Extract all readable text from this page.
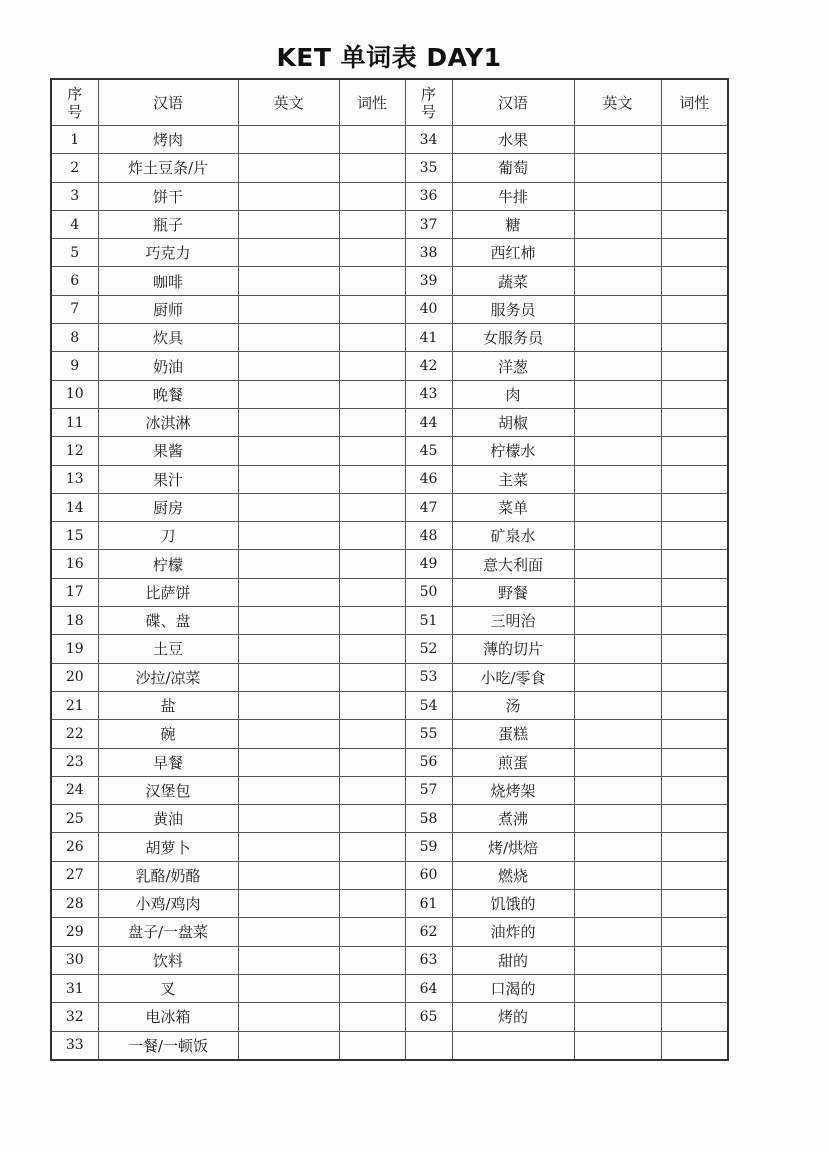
KET 单词表 DAY1
序
号	汉语	英文	词性	序
号	汉语	英文	词性
1	烤肉			34	水果		
2	炸土豆条/片			35	葡萄		
3	饼干			36	牛排		
4	瓶子			37	糖		
5	巧克力			38	西红柿		
6	咖啡			39	蔬菜		
7	厨师			40	服务员		
8	炊具			41	女服务员		
9	奶油			42	洋葱		
10	晚餐			43	肉		
11	冰淇淋			44	胡椒		
12	果酱			45	柠檬水		
13	果汁			46	主菜		
14	厨房			47	菜单		
15	刀			48	矿泉水		
16	柠檬			49	意大利面		
17	比萨饼			50	野餐		
18	碟、盘			51	三明治		
19	土豆			52	薄的切片		
20	沙拉/凉菜			53	小吃/零食		
21	盐			54	汤		
22	碗			55	蛋糕		
23	早餐			56	煎蛋		
24	汉堡包			57	烧烤架		
25	黄油			58	煮沸		
26	胡萝卜			59	烤/烘焙		
27	乳酪/奶酪			60	燃烧		
28	小鸡/鸡肉			61	饥饿的		
29	盘子/一盘菜			62	油炸的		
30	饮料			63	甜的		
31	叉			64	口渴的		
32	电冰箱			65	烤的		
33	一餐/一顿饭						
